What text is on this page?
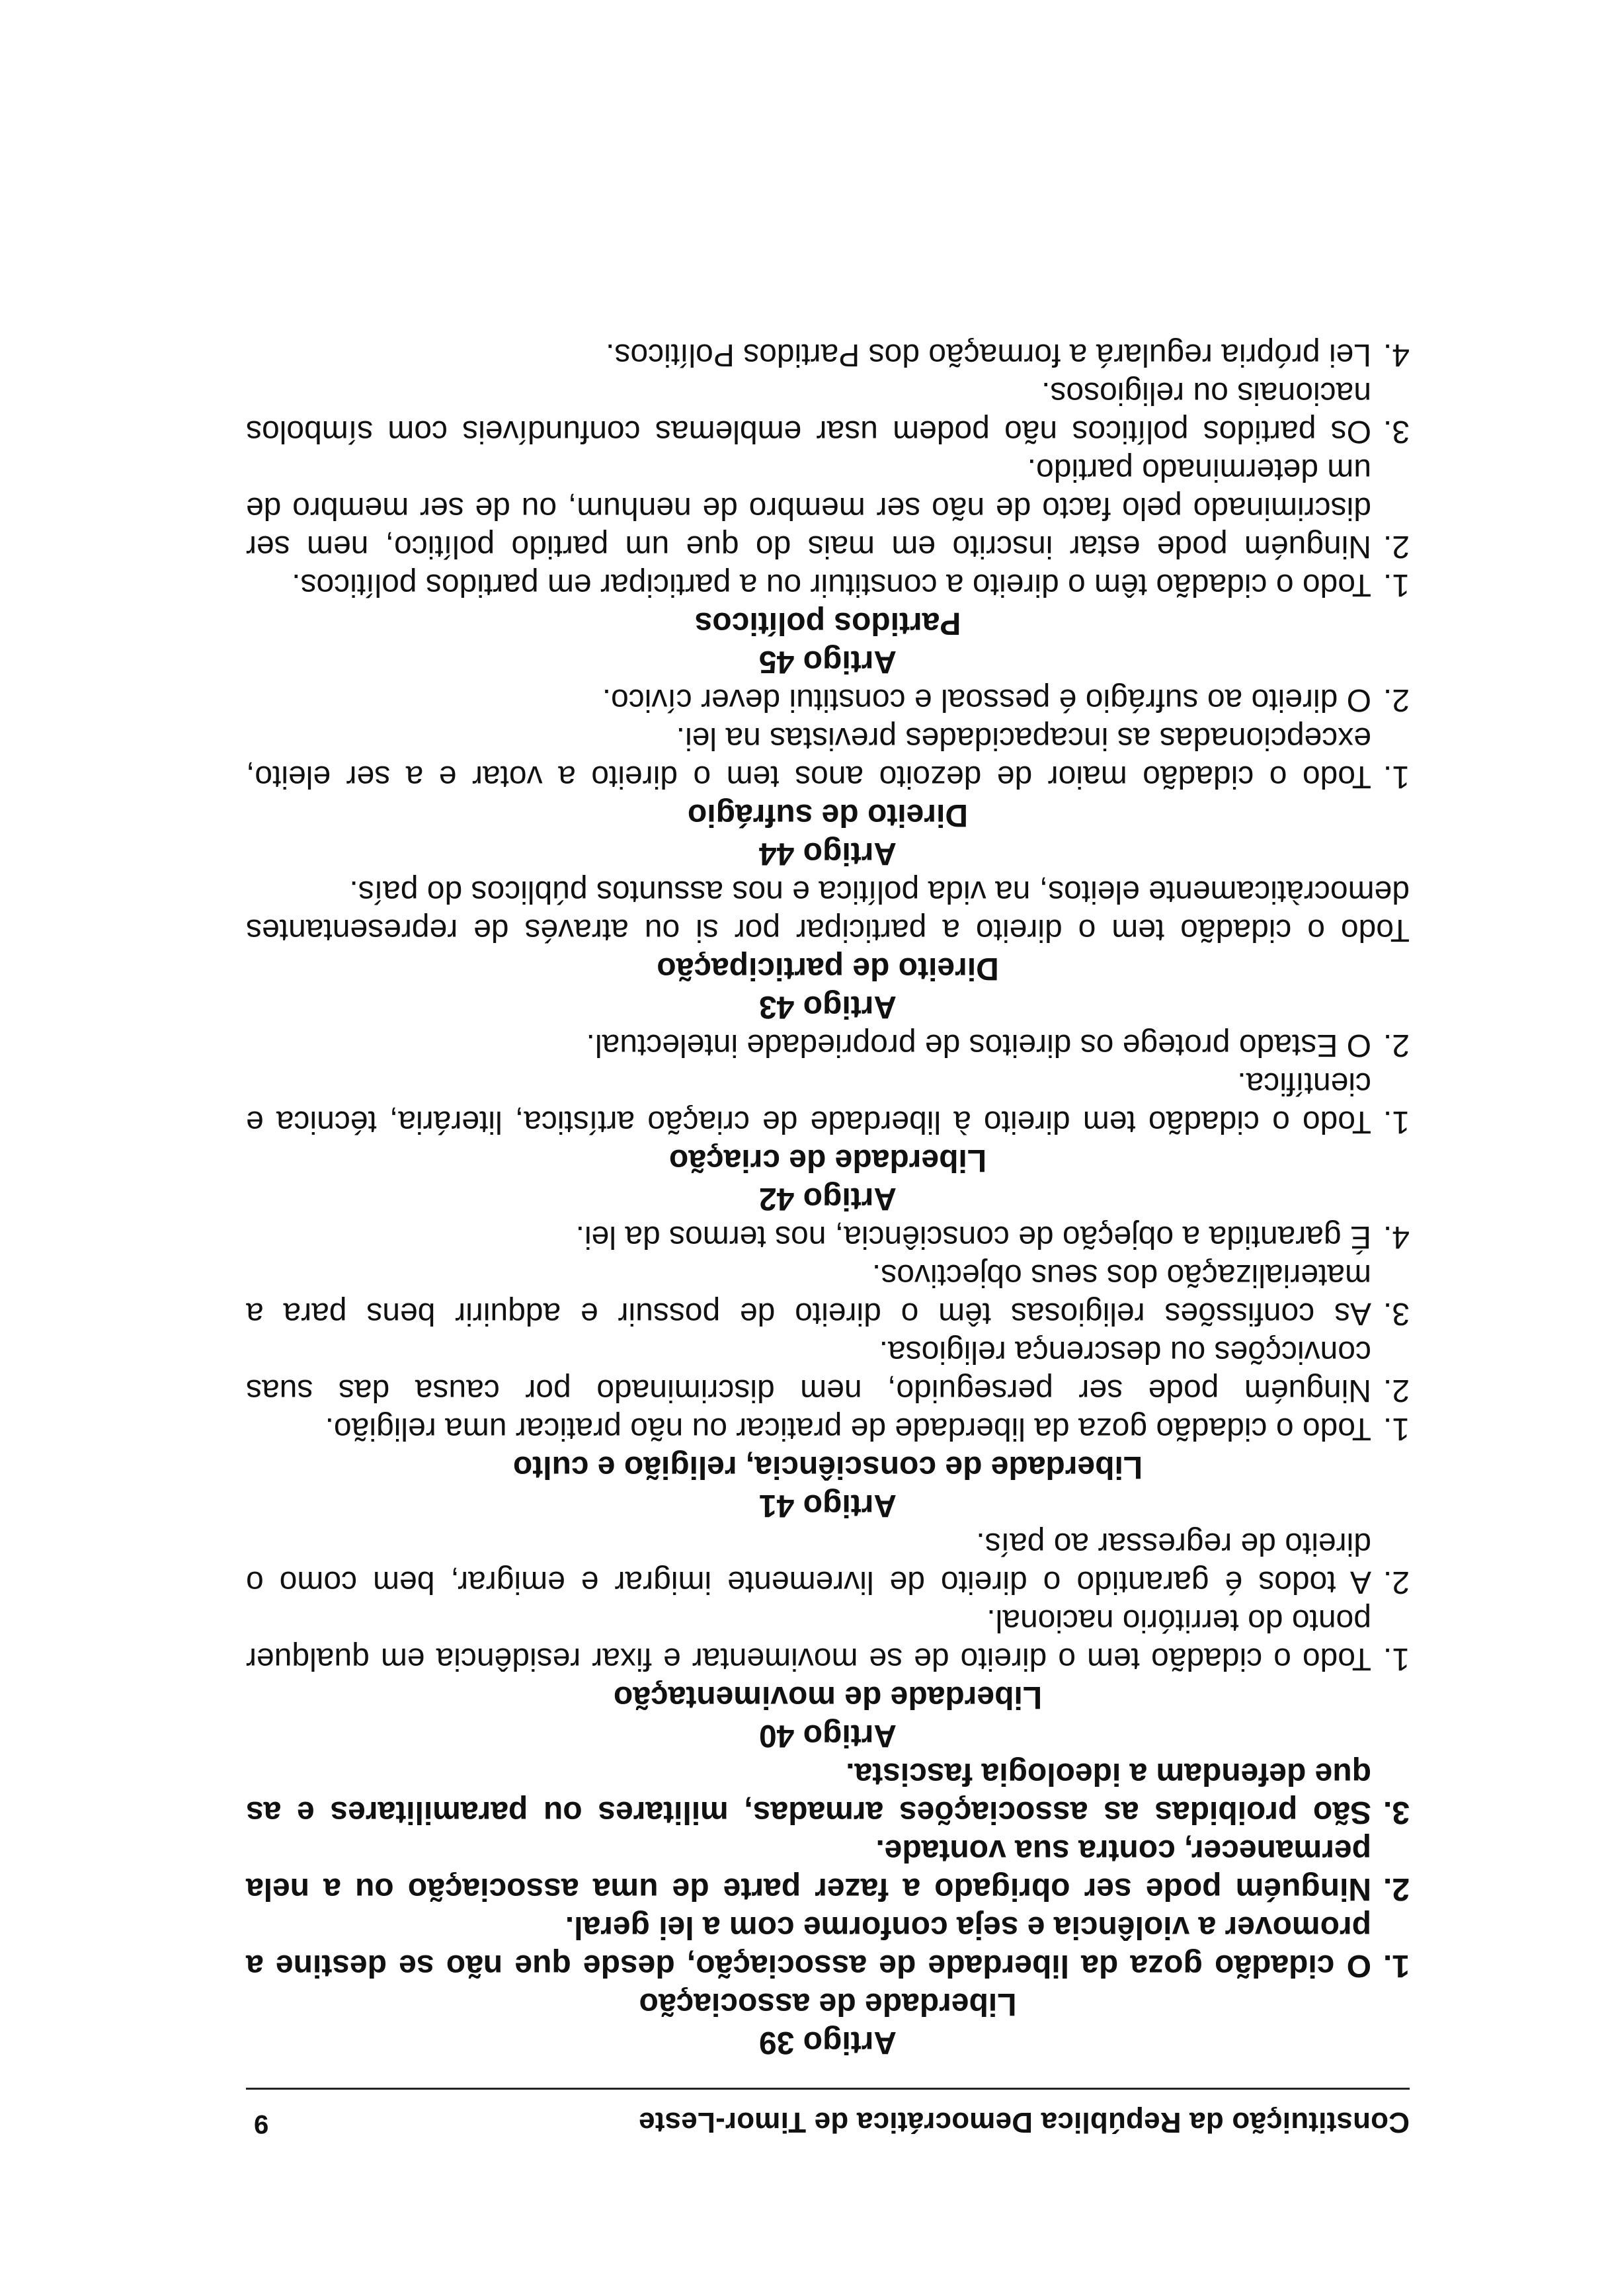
Constituição da República Democrática de Timor-Leste
9

Artigo 39

Liberdade de associação

1.
O cidadão goza da liberdade de associação, desde que não se destine a promover a violência e seja conforme com a lei geral.
2.
Ninguém pode ser obrigado a fazer parte de uma associação ou a nela permanecer, contra sua vontade.
3.
São proibidas as associações armadas, militares ou paramilitares e as que defendam a ideologia fascista.

Artigo 40

Liberdade de movimentação

1.
Todo o cidadão tem o direito de se movimentar e fixar residência em qualquer ponto do território nacional.
2.
A todos é garantido o direito de livremente imigrar e emigrar, bem como o direito de regressar ao país.

Artigo 41

Liberdade de consciência, religião e culto

1.
Todo o cidadão goza da liberdade de praticar ou não praticar uma religião.
2.
Ninguém pode ser perseguido, nem discriminado por causa das suas convicções ou descrença religiosa.
3.
As confissões religiosas têm o direito de possuir e adquirir bens para a materialização dos seus objectivos.
4.
É garantida a objeção de consciência, nos termos da lei.

Artigo 42

Liberdade de criação

1.
Todo o cidadão tem direito à liberdade de criação artística, literária, técnica e científica.
2.
O Estado protege os direitos de propriedade intelectual.

Artigo 43

Direito de participação

Todo o cidadão tem o direito a participar por si ou através de representantes democràticamente eleitos, na vida política e nos assuntos públicos do país.

Artigo 44

Direito de sufrágio

1.
Todo o cidadão maior de dezoito anos tem o direito a votar e a ser eleito, excepcionadas as incapacidades previstas na lei.
2.
O direito ao sufrágio é pessoal e constitui dever cívico.

Artigo 45

Partidos políticos

1.
Todo o cidadão têm o direito a constituir ou a participar em partidos políticos.
2.
Ninguém pode estar inscrito em mais do que um partido político, nem ser discriminado pelo facto de não ser membro de nenhum, ou de ser membro de um determinado partido.
3.
Os partidos políticos não podem usar emblemas confundíveis com símbolos nacionais ou religiosos.
4.
Lei própria regulará a formação dos Partidos Políticos.
